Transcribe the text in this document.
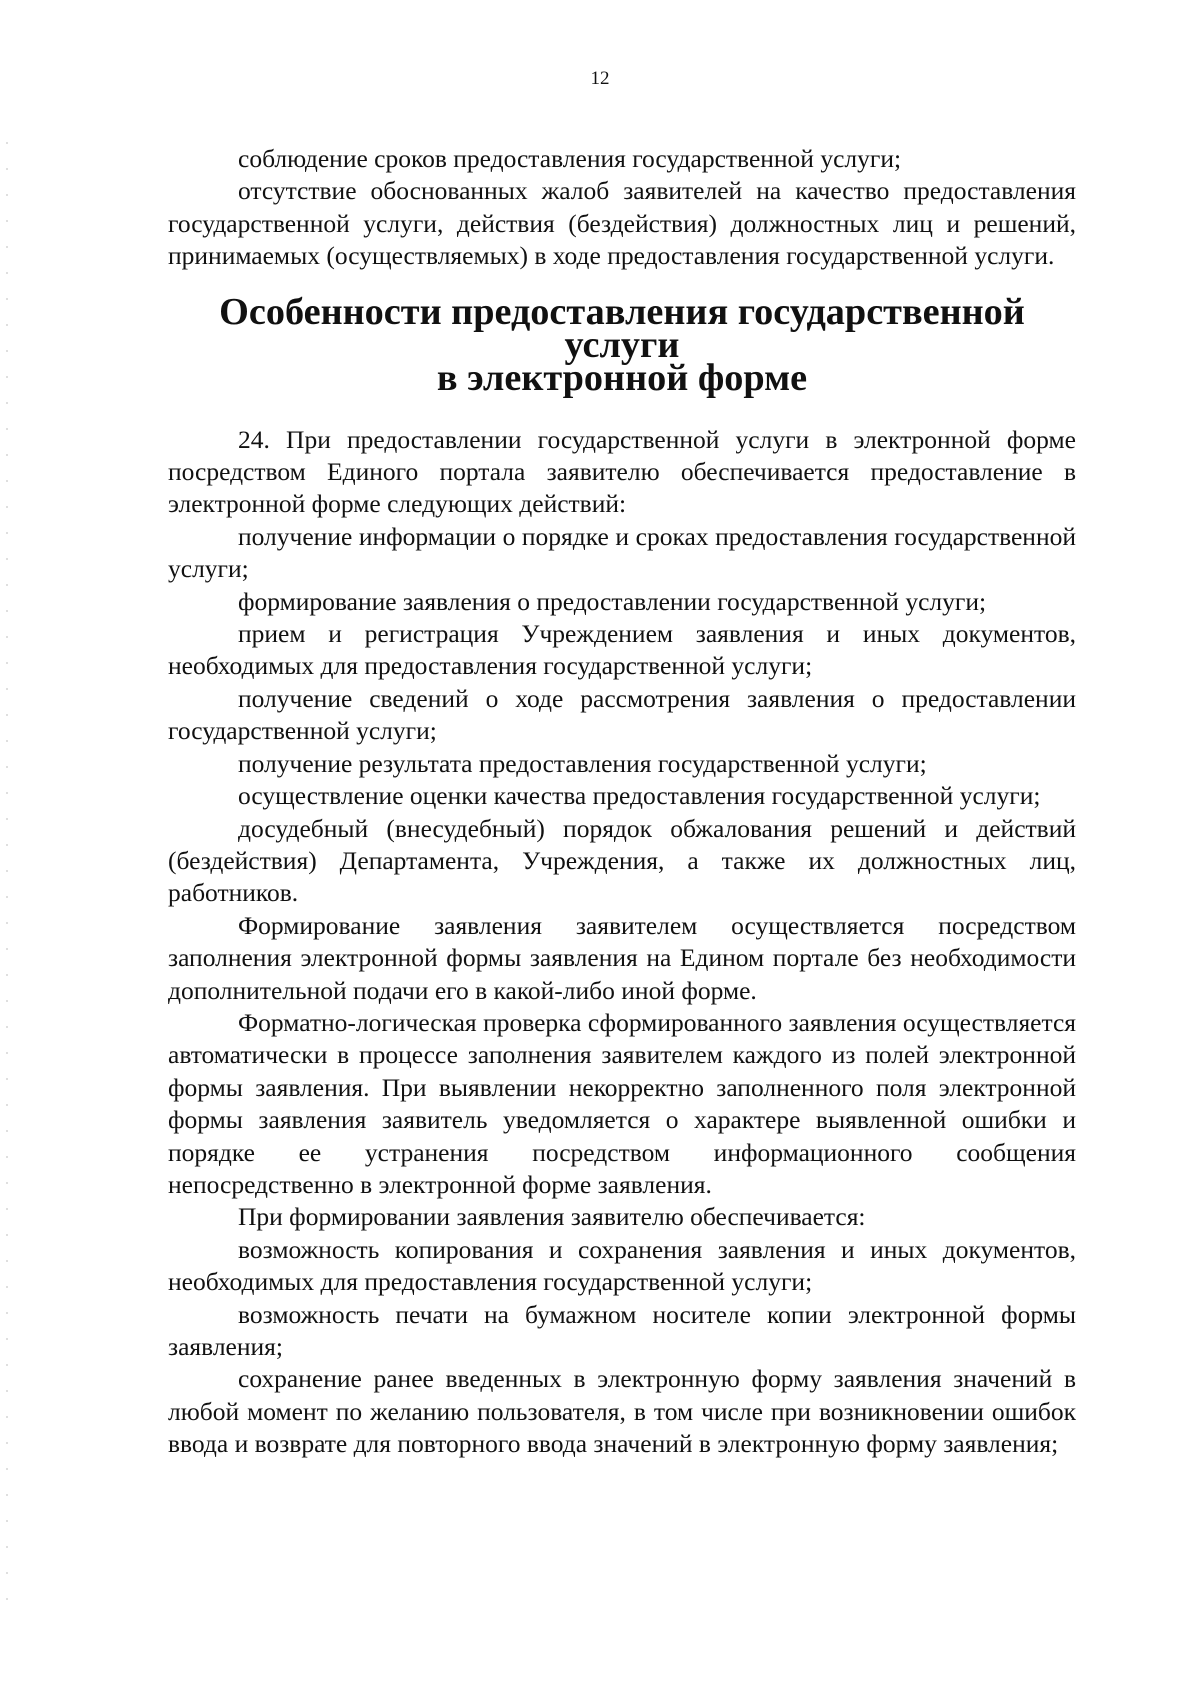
12

соблюдение сроков предоставления государственной услуги;

отсутствие обоснованных жалоб заявителей на качество предоставления государственной услуги, действия (бездействия) должностных лиц и решений, принимаемых (осуществляемых) в ходе предоставления государственной услуги.

Особенности предоставления государственной услуги
в электронной форме

24. При предоставлении государственной услуги в электронной форме посредством Единого портала заявителю обеспечивается предоставление в электронной форме следующих действий:

получение информации о порядке и сроках предоставления государственной услуги;

формирование заявления о предоставлении государственной услуги;

прием и регистрация Учреждением заявления и иных документов, необходимых для предоставления государственной услуги;

получение сведений о ходе рассмотрения заявления о предоставлении государственной услуги;

получение результата предоставления государственной услуги;

осуществление оценки качества предоставления государственной услуги;

досудебный (внесудебный) порядок обжалования решений и действий (бездействия) Департамента, Учреждения, а также их должностных лиц, работников.

Формирование заявления заявителем осуществляется посредством заполнения электронной формы заявления на Едином портале без необходимости дополнительной подачи его в какой-либо иной форме.

Форматно-логическая проверка сформированного заявления осуществляется автоматически в процессе заполнения заявителем каждого из полей электронной формы заявления. При выявлении некорректно заполненного поля электронной формы заявления заявитель уведомляется о характере выявленной ошибки и порядке ее устранения посредством информационного сообщения непосредственно в электронной форме заявления.

При формировании заявления заявителю обеспечивается:

возможность копирования и сохранения заявления и иных документов, необходимых для предоставления государственной услуги;

возможность печати на бумажном носителе копии электронной формы заявления;

сохранение ранее введенных в электронную форму заявления значений в любой момент по желанию пользователя, в том числе при возникновении ошибок ввода и возврате для повторного ввода значений в электронную форму заявления;
